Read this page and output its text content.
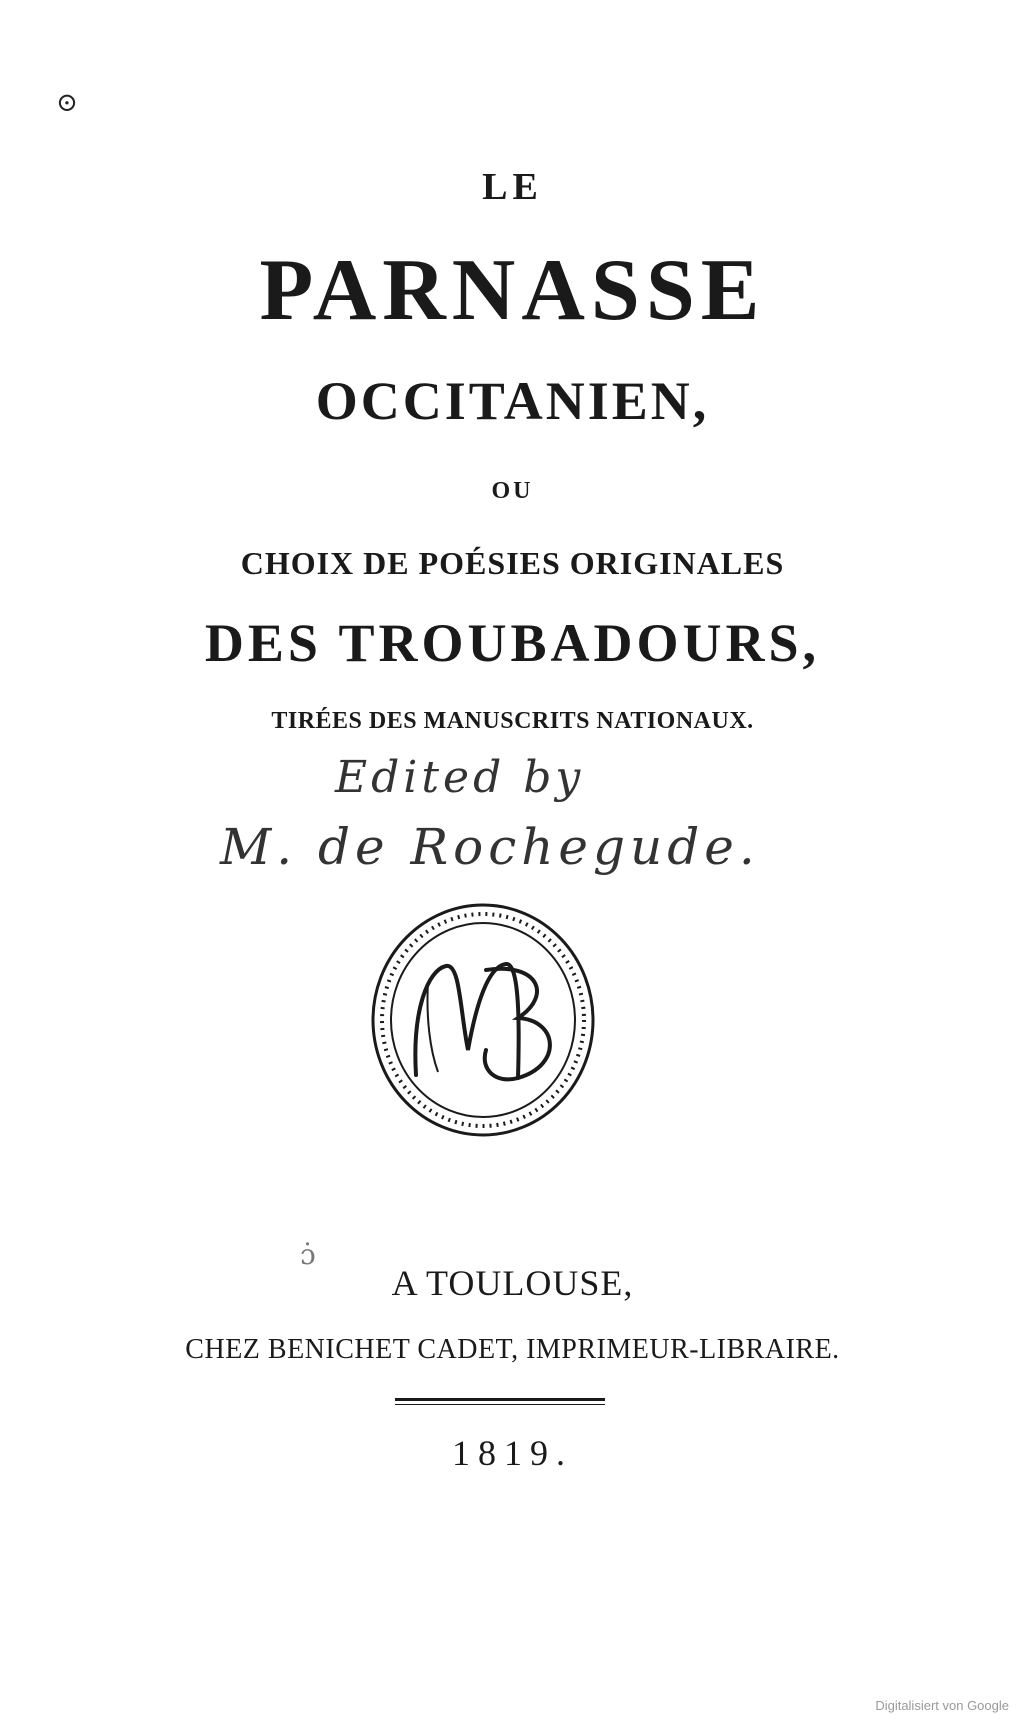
⊙
LE
PARNASSE
OCCITANIEN,
OU
CHOIX DE POÉSIES ORIGINALES
DES TROUBADOURS,
TIRÉES DES MANUSCRITS NATIONAUX.
Edited by
M. de Rochegude.
ɔ̇
A TOULOUSE,
CHEZ BENICHET CADET, IMPRIMEUR-LIBRAIRE.
1819.
Digitalisiert von Google
